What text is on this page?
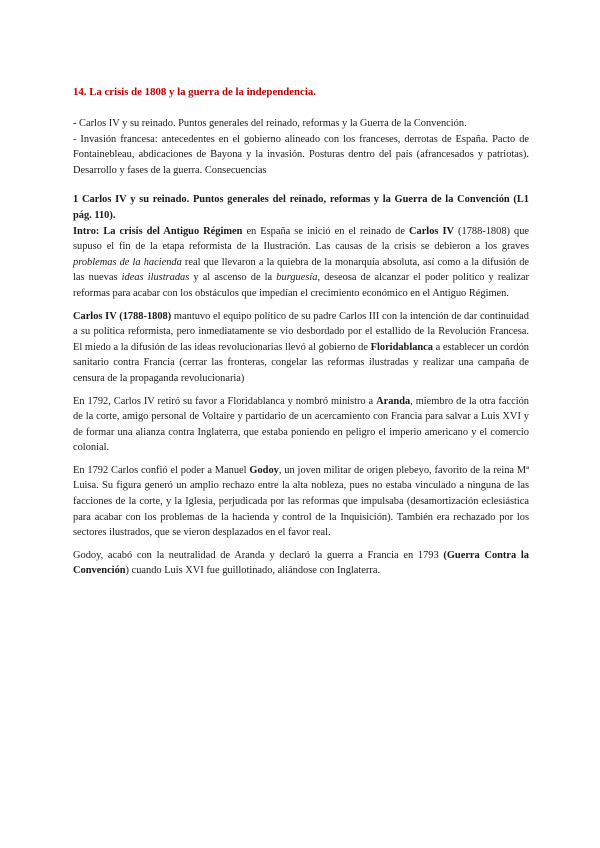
14. La crisis de 1808 y la guerra de la independencia.

- Carlos IV y su reinado. Puntos generales del reinado, reformas y la Guerra de la Convención.

- Invasión francesa: antecedentes en el gobierno alineado con los franceses, derrotas de España. Pacto de Fontainebleau, abdicaciones de Bayona y la invasión. Posturas dentro del país (afrancesados y patriotas). Desarrollo y fases de la guerra. Consecuencias

1 Carlos IV y su reinado. Puntos generales del reinado, reformas y la Guerra de la Convención (L1 pág. 110).

Intro: La crisis del Antiguo Régimen en España se inició en el reinado de Carlos IV (1788-1808) que supuso el fin de la etapa reformista de la Ilustración. Las causas de la crisis se debieron a los graves problemas de la hacienda real que llevaron a la quiebra de la monarquía absoluta, así como a la difusión de las nuevas ideas ilustradas y al ascenso de la burguesía, deseosa de alcanzar el poder político y realizar reformas para acabar con los obstáculos que impedían el crecimiento económico en el Antiguo Régimen.

Carlos IV (1788-1808) mantuvo el equipo político de su padre Carlos III con la intención de dar continuidad a su política reformista, pero inmediatamente se vio desbordado por el estallido de la Revolución Francesa. El miedo a la difusión de las ideas revolucionarias llevó al gobierno de Floridablanca a establecer un cordón sanitario contra Francia (cerrar las fronteras, congelar las reformas ilustradas y realizar una campaña de censura de la propaganda revolucionaria)

En 1792, Carlos IV retiró su favor a Floridablanca y nombró ministro a Aranda, miembro de la otra facción de la corte, amigo personal de Voltaire y partidario de un acercamiento con Francia para salvar a Luis XVI y de formar una alianza contra Inglaterra, que estaba poniendo en peligro el imperio americano y el comercio colonial.

En 1792 Carlos confió el poder a Manuel Godoy, un joven militar de origen plebeyo, favorito de la reina Mª Luisa. Su figura generó un amplio rechazo entre la alta nobleza, pues no estaba vinculado a ninguna de las facciones de la corte, y la Iglesia, perjudicada por las reformas que impulsaba (desamortización eclesiástica para acabar con los problemas de la hacienda y control de la Inquisición). También era rechazado por los sectores ilustrados, que se vieron desplazados en el favor real.

Godoy, acabó con la neutralidad de Aranda y declaró la guerra a Francia en 1793 (Guerra Contra la Convención) cuando Luis XVI fue guillotinado, aliándose con Inglaterra.
